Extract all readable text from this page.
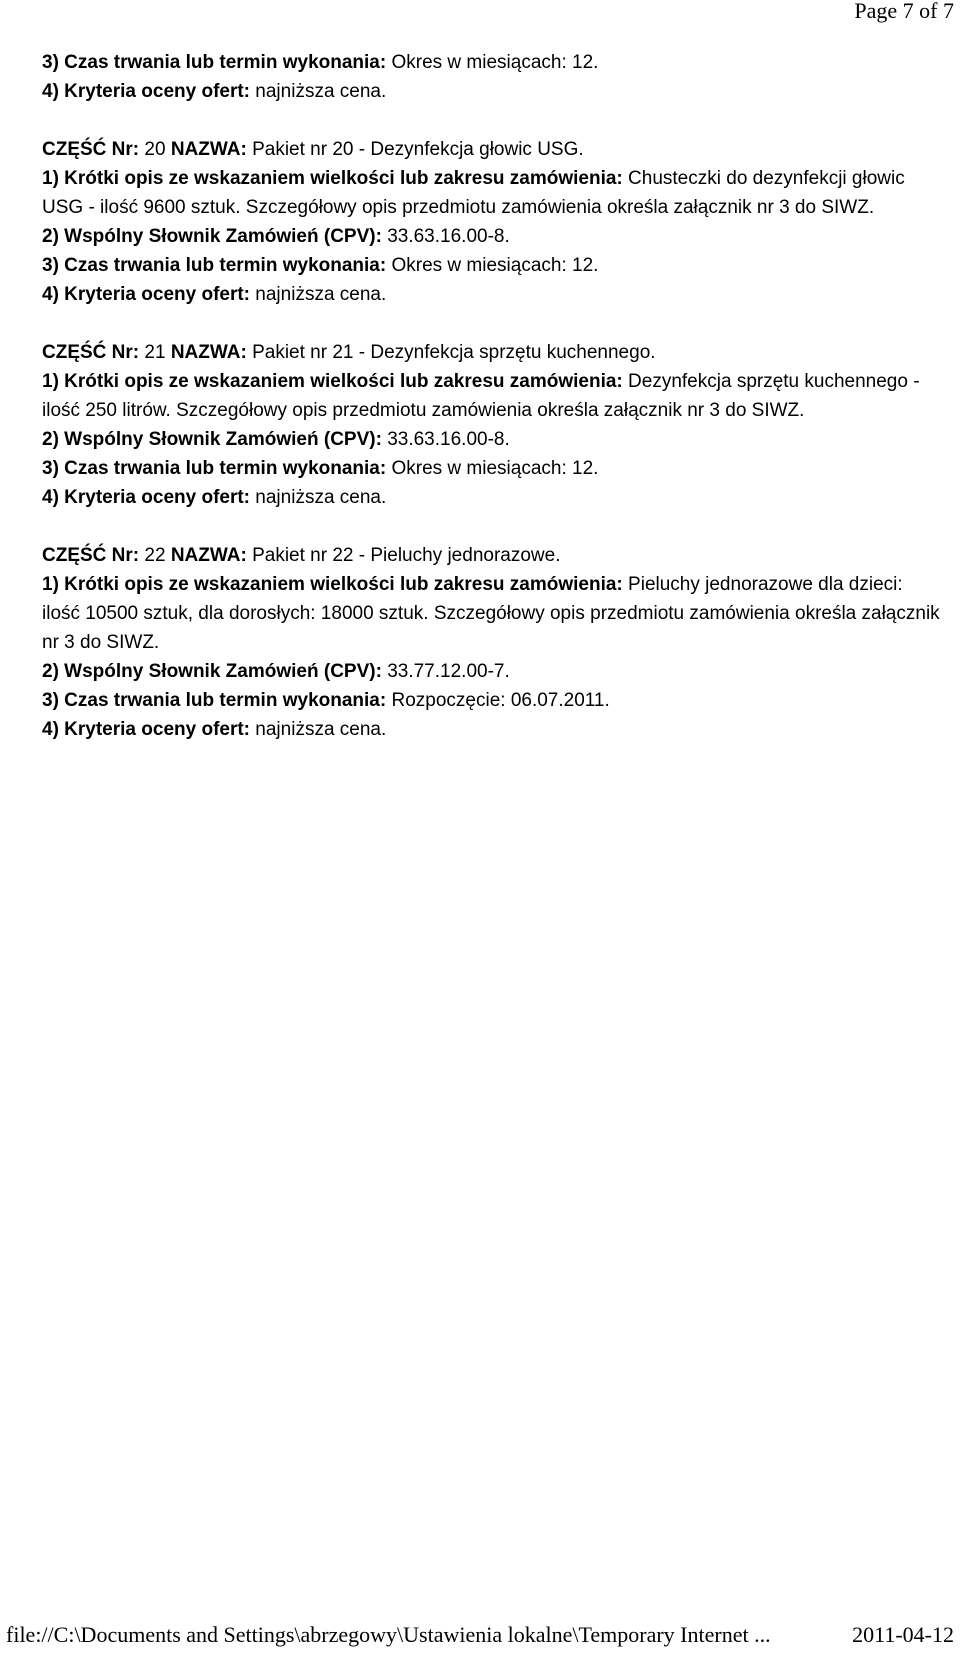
Page 7 of 7

3) Czas trwania lub termin wykonania: Okres w miesiącach: 12.

4) Kryteria oceny ofert: najniższa cena.

CZĘŚĆ Nr: 20 NAZWA: Pakiet nr 20 - Dezynfekcja głowic USG.

1) Krótki opis ze wskazaniem wielkości lub zakresu zamówienia: Chusteczki do dezynfekcji głowic USG - ilość 9600 sztuk. Szczegółowy opis przedmiotu zamówienia określa załącznik nr 3 do SIWZ.

2) Wspólny Słownik Zamówień (CPV): 33.63.16.00-8.

3) Czas trwania lub termin wykonania: Okres w miesiącach: 12.

4) Kryteria oceny ofert: najniższa cena.

CZĘŚĆ Nr: 21 NAZWA: Pakiet nr 21 - Dezynfekcja sprzętu kuchennego.

1) Krótki opis ze wskazaniem wielkości lub zakresu zamówienia: Dezynfekcja sprzętu kuchennego - ilość 250 litrów. Szczegółowy opis przedmiotu zamówienia określa załącznik nr 3 do SIWZ.

2) Wspólny Słownik Zamówień (CPV): 33.63.16.00-8.

3) Czas trwania lub termin wykonania: Okres w miesiącach: 12.

4) Kryteria oceny ofert: najniższa cena.

CZĘŚĆ Nr: 22 NAZWA: Pakiet nr 22 - Pieluchy jednorazowe.

1) Krótki opis ze wskazaniem wielkości lub zakresu zamówienia: Pieluchy jednorazowe dla dzieci: ilość 10500 sztuk, dla dorosłych: 18000 sztuk. Szczegółowy opis przedmiotu zamówienia określa załącznik nr 3 do SIWZ.

2) Wspólny Słownik Zamówień (CPV): 33.77.12.00-7.

3) Czas trwania lub termin wykonania: Rozpoczęcie: 06.07.2011.

4) Kryteria oceny ofert: najniższa cena.

file://C:\Documents and Settings\abrzegowy\Ustawienia lokalne\Temporary Internet ...	2011-04-12
